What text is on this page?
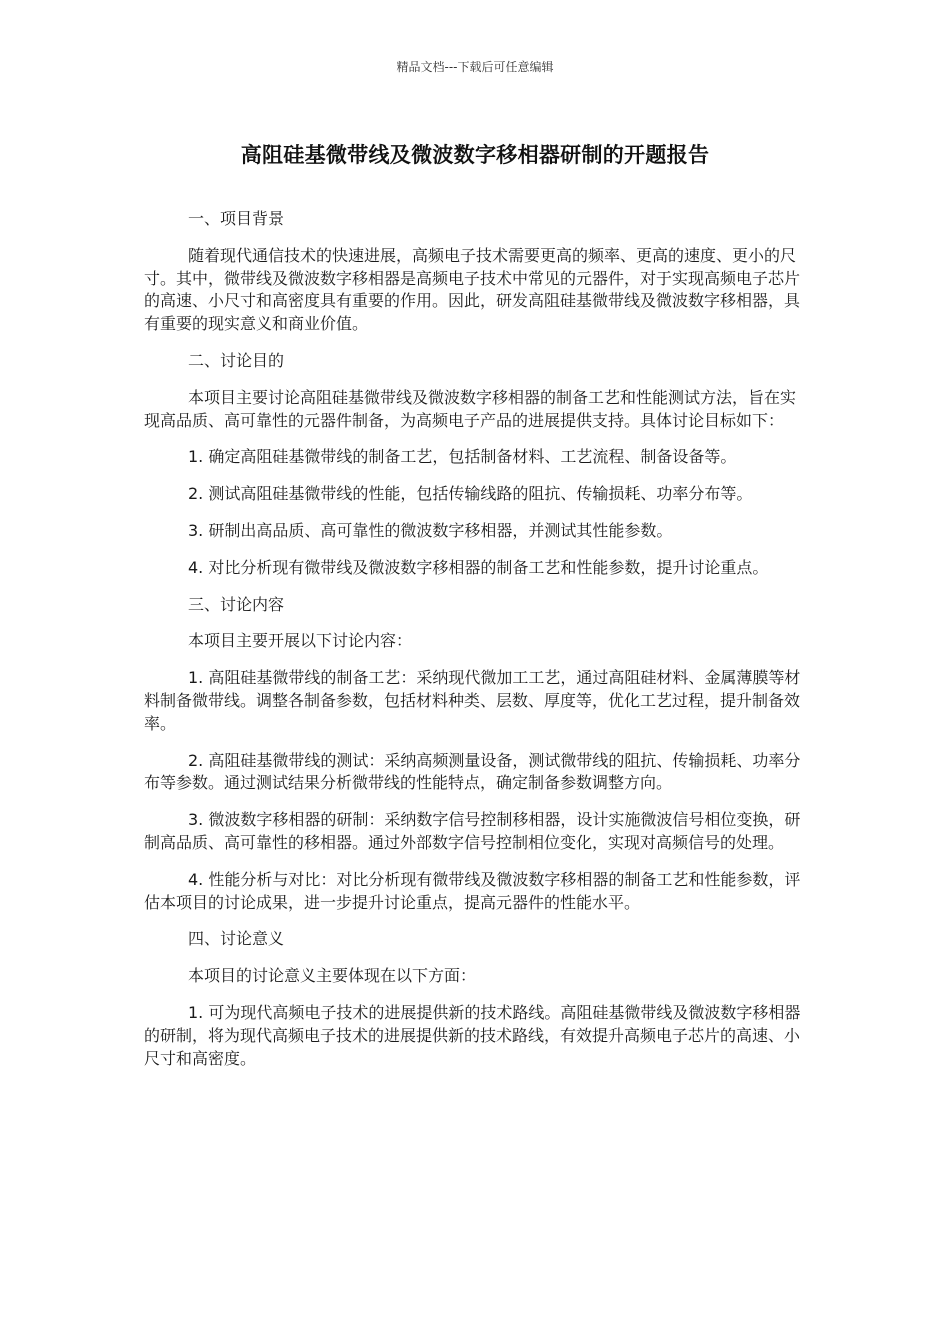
精品文档---下载后可任意编辑
高阻硅基微带线及微波数字移相器研制的开题报告

一、项目背景

随着现代通信技术的快速进展，高频电子技术需要更高的频率、更高的速度、更小的尺寸。其中，微带线及微波数字移相器是高频电子技术中常见的元器件，对于实现高频电子芯片的高速、小尺寸和高密度具有重要的作用。因此，研发高阻硅基微带线及微波数字移相器，具有重要的现实意义和商业价值。

二、讨论目的

本项目主要讨论高阻硅基微带线及微波数字移相器的制备工艺和性能测试方法，旨在实现高品质、高可靠性的元器件制备，为高频电子产品的进展提供支持。具体讨论目标如下：

1. 确定高阻硅基微带线的制备工艺，包括制备材料、工艺流程、制备设备等。

2. 测试高阻硅基微带线的性能，包括传输线路的阻抗、传输损耗、功率分布等。

3. 研制出高品质、高可靠性的微波数字移相器，并测试其性能参数。

4. 对比分析现有微带线及微波数字移相器的制备工艺和性能参数，提升讨论重点。

三、讨论内容

本项目主要开展以下讨论内容：

1. 高阻硅基微带线的制备工艺：采纳现代微加工工艺，通过高阻硅材料、金属薄膜等材料制备微带线。调整各制备参数，包括材料种类、层数、厚度等，优化工艺过程，提升制备效率。

2. 高阻硅基微带线的测试：采纳高频测量设备，测试微带线的阻抗、传输损耗、功率分布等参数。通过测试结果分析微带线的性能特点，确定制备参数调整方向。

3. 微波数字移相器的研制：采纳数字信号控制移相器，设计实施微波信号相位变换，研制高品质、高可靠性的移相器。通过外部数字信号控制相位变化，实现对高频信号的处理。

4. 性能分析与对比：对比分析现有微带线及微波数字移相器的制备工艺和性能参数，评估本项目的讨论成果，进一步提升讨论重点，提高元器件的性能水平。

四、讨论意义

本项目的讨论意义主要体现在以下方面：

1. 可为现代高频电子技术的进展提供新的技术路线。高阻硅基微带线及微波数字移相器的研制，将为现代高频电子技术的进展提供新的技术路线，有效提升高频电子芯片的高速、小尺寸和高密度。
